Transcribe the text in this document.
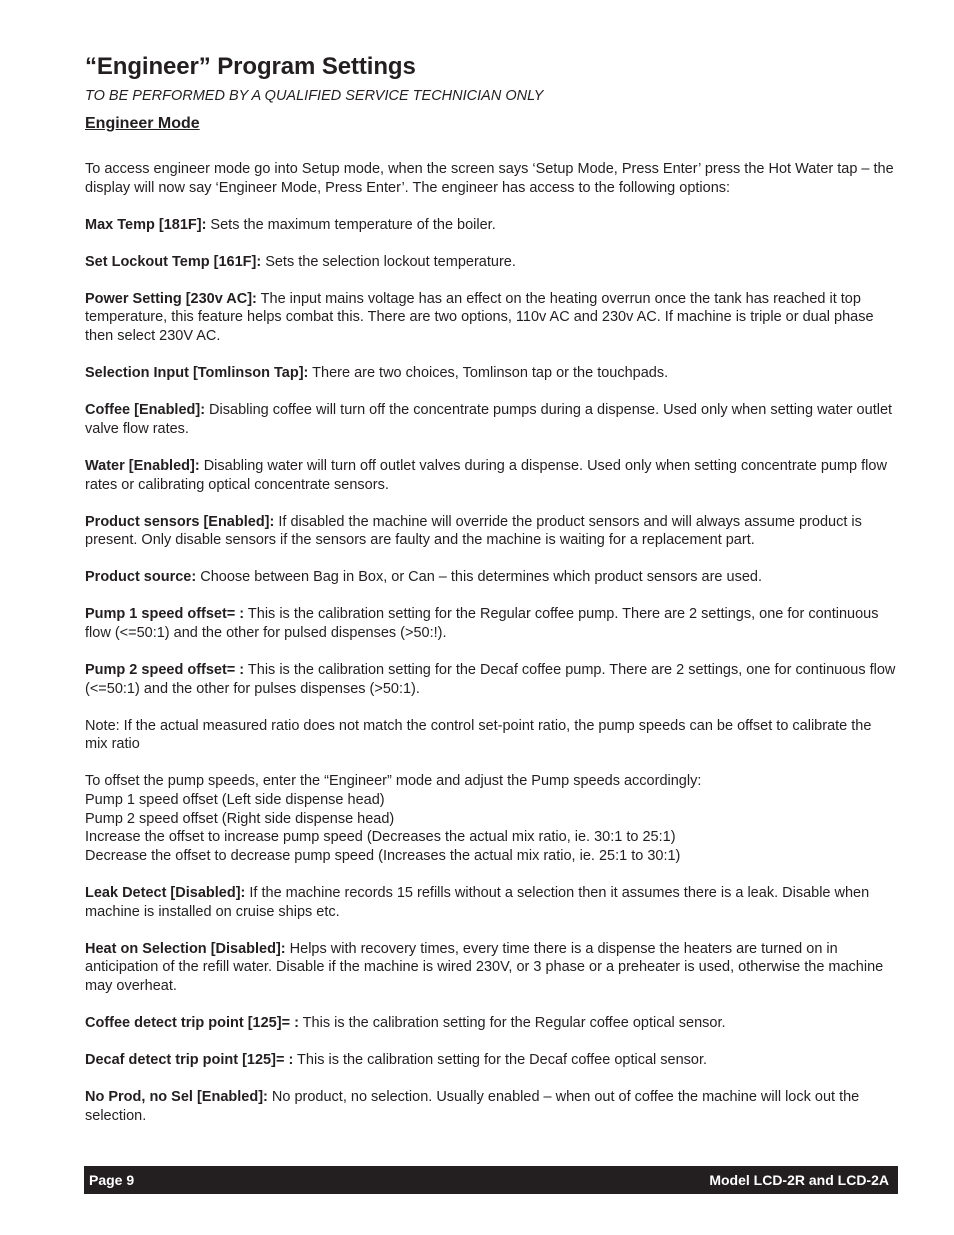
“Engineer” Program Settings

TO BE PERFORMED BY A QUALIFIED SERVICE TECHNICIAN ONLY

Engineer Mode

To access engineer mode go into Setup mode, when the screen says ‘Setup Mode, Press Enter’ press the Hot Water tap – the display will now say ‘Engineer Mode, Press Enter’. The engineer has access to the following options:

Max Temp [181F]: Sets the maximum temperature of the boiler.

Set Lockout Temp [161F]: Sets the selection lockout temperature.

Power Setting [230v AC]: The input mains voltage has an effect on the heating overrun once the tank has reached it top temperature, this feature helps combat this. There are two options, 110v AC and 230v AC. If machine is triple or dual phase then select 230V AC.

Selection Input [Tomlinson Tap]: There are two choices, Tomlinson tap or the touchpads.

Coffee [Enabled]: Disabling coffee will turn off the concentrate pumps during a dispense. Used only when setting water outlet valve flow rates.

Water [Enabled]: Disabling water will turn off outlet valves during a dispense. Used only when setting concentrate pump flow rates or calibrating optical concentrate sensors.

Product sensors [Enabled]: If disabled the machine will override the product sensors and will always assume product is present. Only disable sensors if the sensors are faulty and the machine is waiting for a replacement part.

Product source: Choose between Bag in Box, or Can – this determines which product sensors are used.

Pump 1 speed offset= : This is the calibration setting for the Regular coffee pump. There are 2 settings, one for continuous flow (<=50:1) and the other for pulsed dispenses (>50:!).

Pump 2 speed offset= : This is the calibration setting for the Decaf coffee pump. There are 2 settings, one for continuous flow (<=50:1) and the other for pulses dispenses (>50:1).

Note: If the actual measured ratio does not match the control set-point ratio, the pump speeds can be offset to calibrate the mix ratio

To offset the pump speeds, enter the “Engineer” mode and adjust the Pump speeds accordingly:
Pump 1 speed offset (Left side dispense head)
Pump 2 speed offset (Right side dispense head)
Increase the offset to increase pump speed (Decreases the actual mix ratio, ie. 30:1 to 25:1)
Decrease the offset to decrease pump speed (Increases the actual mix ratio, ie. 25:1 to 30:1)

Leak Detect [Disabled]: If the machine records 15 refills without a selection then it assumes there is a leak. Disable when machine is installed on cruise ships etc.

Heat on Selection [Disabled]: Helps with recovery times, every time there is a dispense the heaters are turned on in anticipation of the refill water. Disable if the machine is wired 230V, or 3 phase or a preheater is used, otherwise the machine may overheat.

Coffee detect trip point [125]= : This is the calibration setting for the Regular coffee optical sensor.

Decaf detect trip point [125]= : This is the calibration setting for the Decaf coffee optical sensor.

No Prod, no Sel [Enabled]: No product, no selection. Usually enabled – when out of coffee the machine will lock out the selection.

Page 9	Model LCD-2R and LCD-2A
